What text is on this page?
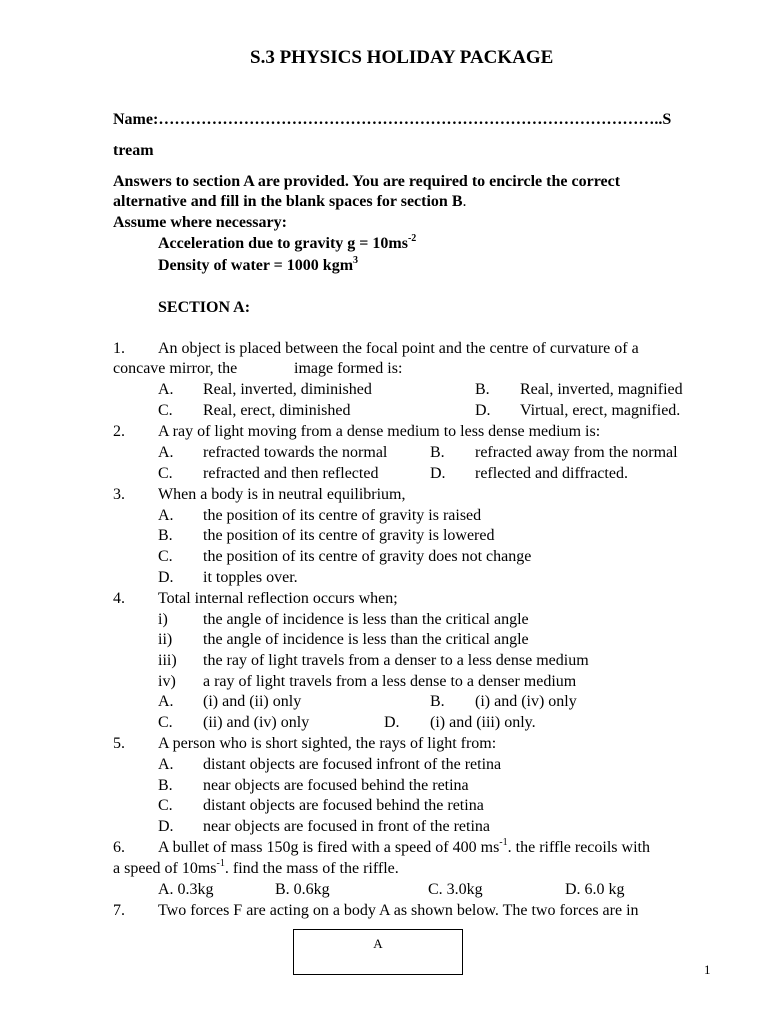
S.3 PHYSICS HOLIDAY PACKAGE
Name:…………………………………………………………………………………..S
tream
Answers to section A are provided. You are required to encircle the correct
alternative and fill in the blank spaces for section B.
Assume where necessary:
Acceleration due to gravity $g = 10ms^{-2}$
Density of water = 1000 kgm$^3$
SECTION A:
1. An object is placed between the focal point and the centre of curvature of a
concave mirror, the	image formed is:
A. Real, inverted, diminished	B. Real, inverted, magnified
C. Real, erect, diminished	D. Virtual, erect, magnified.
2. A ray of light moving from a dense medium to less dense medium is:
A. refracted towards the normal	B. refracted away from the normal
C. refracted and then reflected	D. reflected and diffracted.
3. When a body is in neutral equilibrium,
A. the position of its centre of gravity is raised
B. the position of its centre of gravity is lowered
C. the position of its centre of gravity does not change
D. it topples over.
4. Total internal reflection occurs when;
i) the angle of incidence is less than the critical angle
ii) the angle of incidence is less than the critical angle
iii) the ray of light travels from a denser to a less dense medium
iv) a ray of light travels from a less dense to a denser medium
A. (i) and (ii) only	B. (i) and (iv) only
C. (ii) and (iv) only	D. (i) and (iii) only.
5. A person who is short sighted, the rays of light from:
A. distant objects are focused infront of the retina
B. near objects are focused behind the retina
C. distant objects are focused behind the retina
D. near objects are focused in front of the retina
6. A bullet of mass 150g is fired with a speed of 400 $ms^{-1}$. the riffle recoils with
a speed of $10ms^{-1}$. find the mass of the riffle.
A. 0.3kg	B. 0.6kg	C. 3.0kg	D. 6.0 kg
7. Two forces F are acting on a body A as shown below. The two forces are in
A
1
